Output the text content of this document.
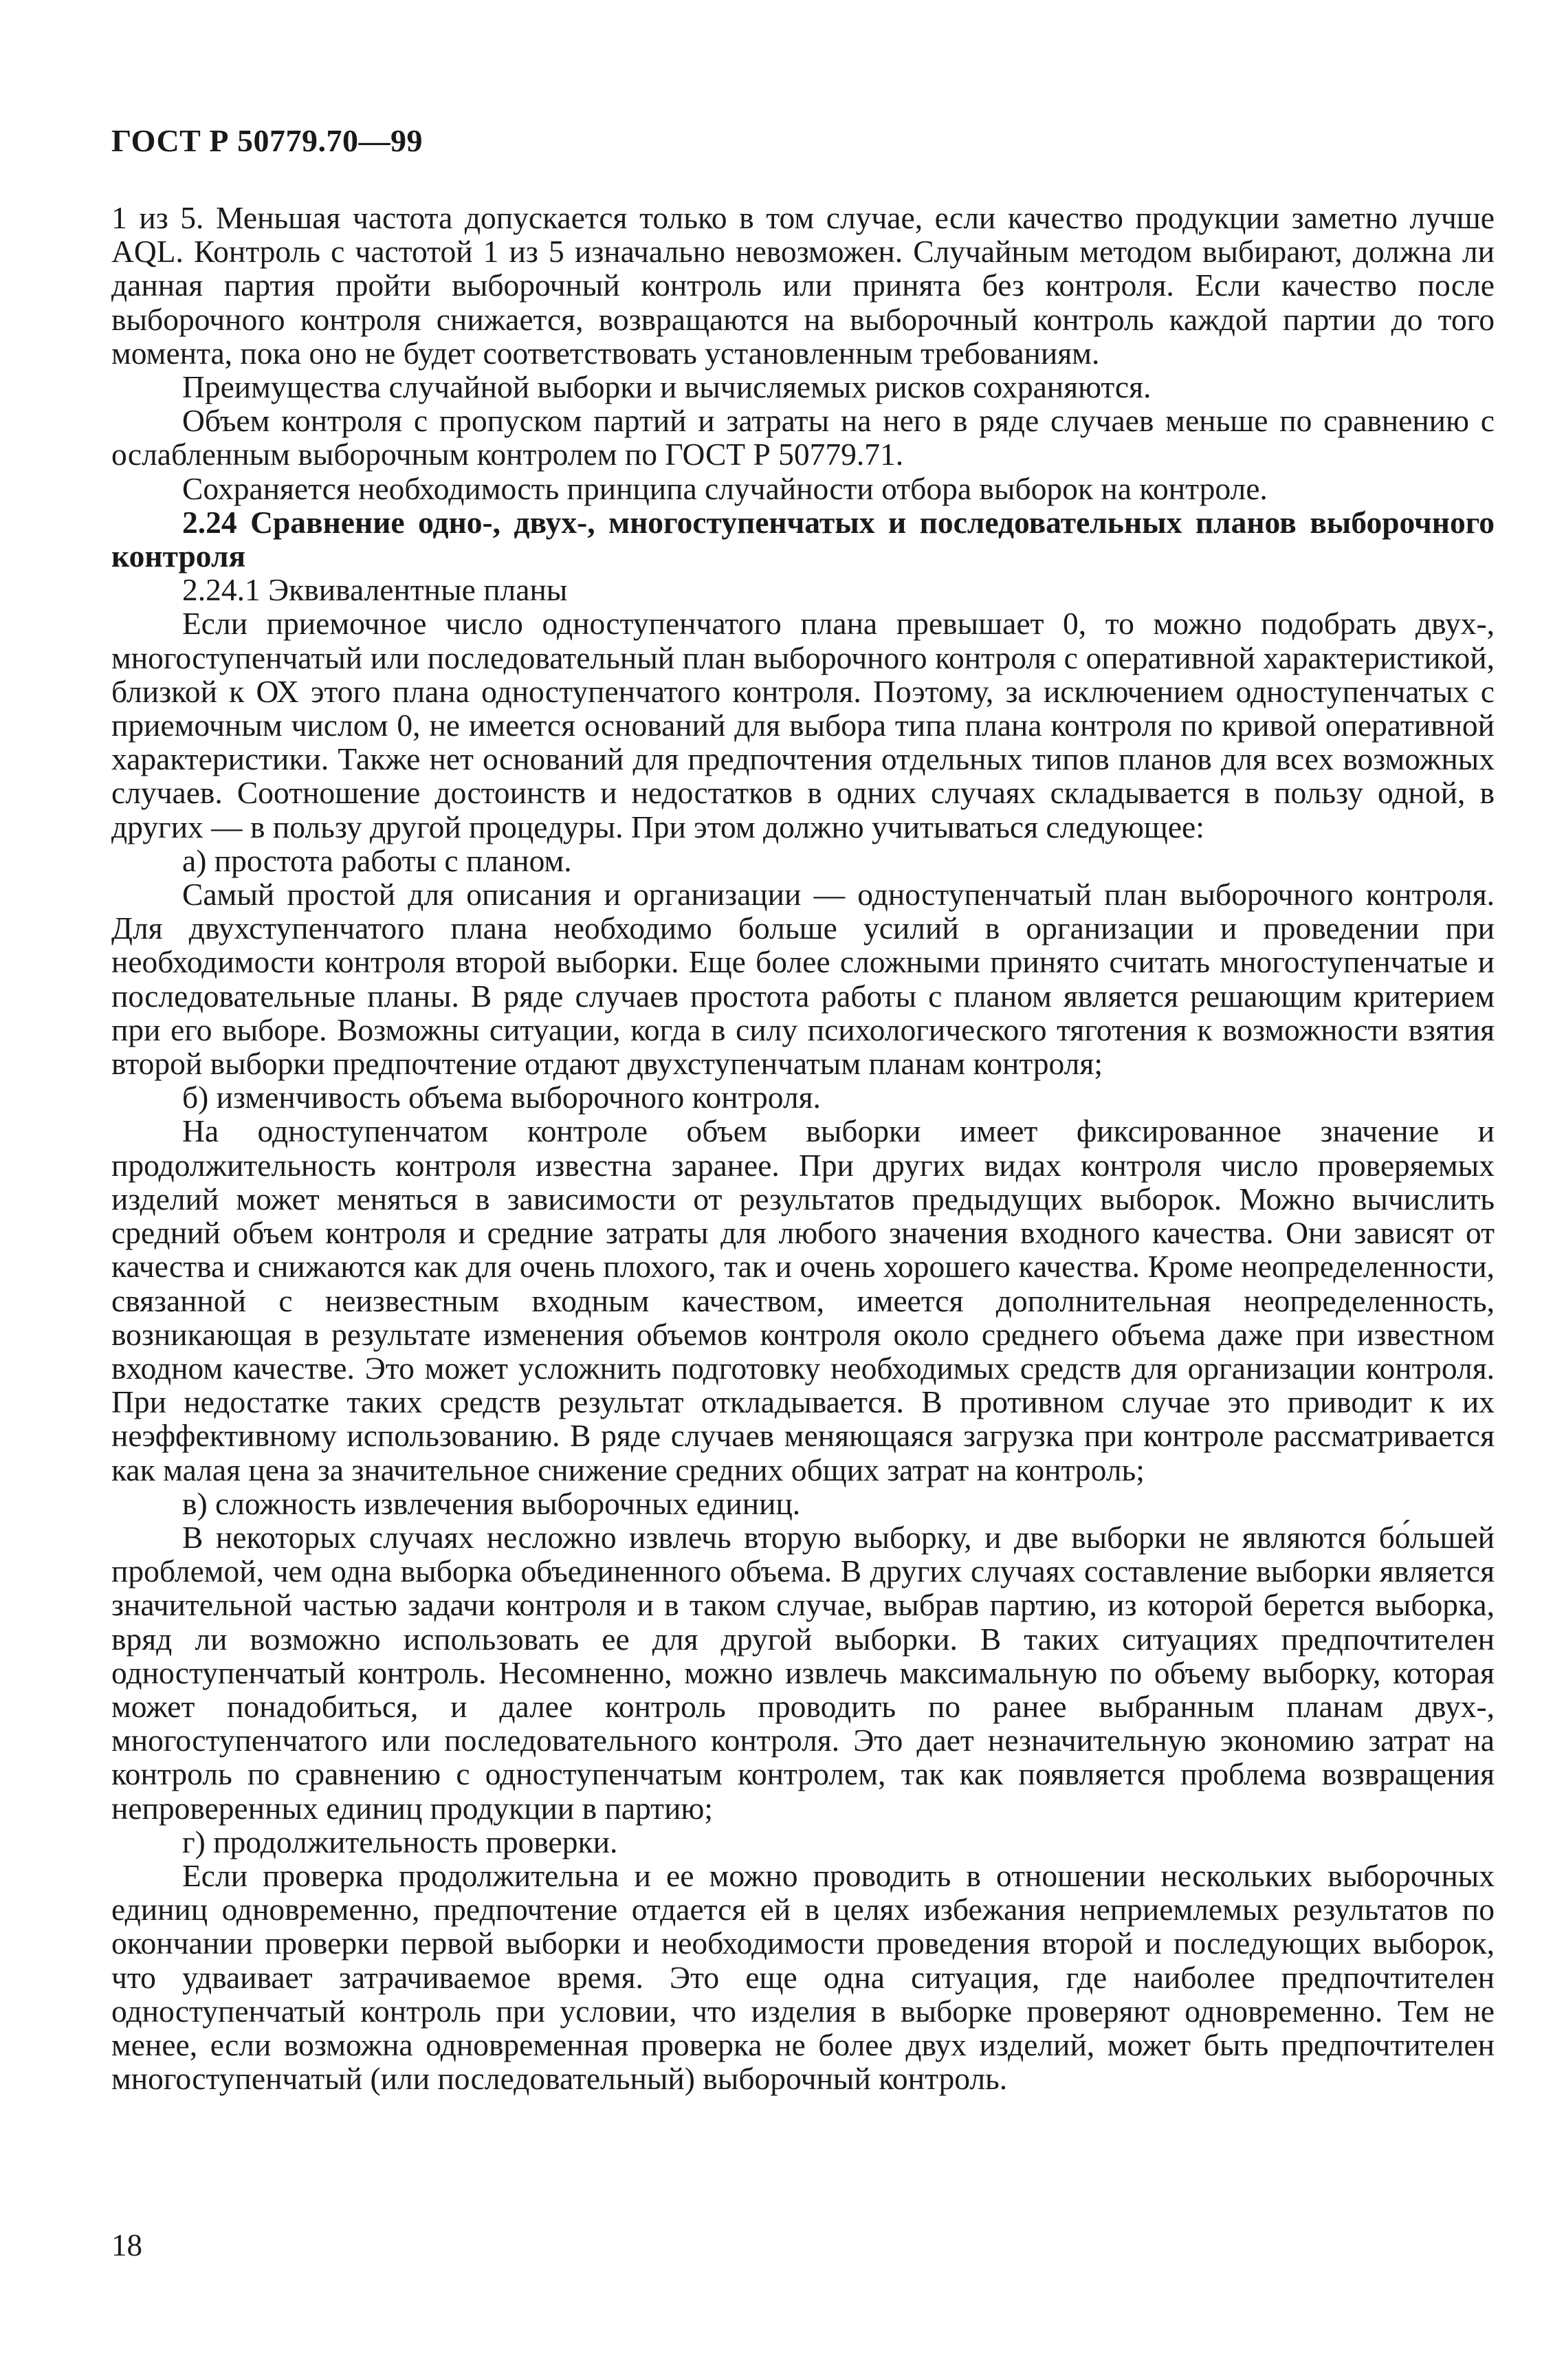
ГОСТ Р 50779.70—99

1 из 5. Меньшая частота допускается только в том случае, если качество продукции заметно лучше AQL. Контроль с частотой 1 из 5 изначально невозможен. Случайным методом выбирают, должна ли данная партия пройти выборочный контроль или принята без контроля. Если качество после выборочного контроля снижается, возвращаются на выборочный контроль каждой партии до того момента, пока оно не будет соответствовать установленным требованиям.

Преимущества случайной выборки и вычисляемых рисков сохраняются.

Объем контроля с пропуском партий и затраты на него в ряде случаев меньше по сравнению с ослабленным выборочным контролем по ГОСТ Р 50779.71.

Сохраняется необходимость принципа случайности отбора выборок на контроле.

2.24 Сравнение одно-, двух-, многоступенчатых и последовательных планов выборочного контроля

2.24.1 Эквивалентные планы

Если приемочное число одноступенчатого плана превышает 0, то можно подобрать двух-, многоступенчатый или последовательный план выборочного контроля с оперативной характеристикой, близкой к ОХ этого плана одноступенчатого контроля. Поэтому, за исключением одноступенчатых с приемочным числом 0, не имеется оснований для выбора типа плана контроля по кривой оперативной характеристики. Также нет оснований для предпочтения отдельных типов планов для всех возможных случаев. Соотношение достоинств и недостатков в одних случаях складывается в пользу одной, в других — в пользу другой процедуры. При этом должно учитываться следующее:

а) простота работы с планом.

Самый простой для описания и организации — одноступенчатый план выборочного контроля. Для двухступенчатого плана необходимо больше усилий в организации и проведении при необходимости контроля второй выборки. Еще более сложными принято считать многоступенчатые и последовательные планы. В ряде случаев простота работы с планом является решающим критерием при его выборе. Возможны ситуации, когда в силу психологического тяготения к возможности взятия второй выборки предпочтение отдают двухступенчатым планам контроля;

б) изменчивость объема выборочного контроля.

На одноступенчатом контроле объем выборки имеет фиксированное значение и продолжительность контроля известна заранее. При других видах контроля число проверяемых изделий может меняться в зависимости от результатов предыдущих выборок. Можно вычислить средний объем контроля и средние затраты для любого значения входного качества. Они зависят от качества и снижаются как для очень плохого, так и очень хорошего качества. Кроме неопределенности, связанной с неизвестным входным качеством, имеется дополнительная неопределенность, возникающая в результате изменения объемов контроля около среднего объема даже при известном входном качестве. Это может усложнить подготовку необходимых средств для организации контроля. При недостатке таких средств результат откладывается. В противном случае это приводит к их неэффективному использованию. В ряде случаев меняющаяся загрузка при контроле рассматривается как малая цена за значительное снижение средних общих затрат на контроль;

в) сложность извлечения выборочных единиц.

В некоторых случаях несложно извлечь вторую выборку, и две выборки не являются бо́льшей проблемой, чем одна выборка объединенного объема. В других случаях составление выборки является значительной частью задачи контроля и в таком случае, выбрав партию, из которой берется выборка, вряд ли возможно использовать ее для другой выборки. В таких ситуациях предпочтителен одноступенчатый контроль. Несомненно, можно извлечь максимальную по объему выборку, которая может понадобиться, и далее контроль проводить по ранее выбранным планам двух-, многоступенчатого или последовательного контроля. Это дает незначительную экономию затрат на контроль по сравнению с одноступенчатым контролем, так как появляется проблема возвращения непроверенных единиц продукции в партию;

г) продолжительность проверки.

Если проверка продолжительна и ее можно проводить в отношении нескольких выборочных единиц одновременно, предпочтение отдается ей в целях избежания неприемлемых результатов по окончании проверки первой выборки и необходимости проведения второй и последующих выборок, что удваивает затрачиваемое время. Это еще одна ситуация, где наиболее предпочтителен одноступенчатый контроль при условии, что изделия в выборке проверяют одновременно. Тем не менее, если возможна одновременная проверка не более двух изделий, может быть предпочтителен многоступенчатый (или последовательный) выборочный контроль.

18
